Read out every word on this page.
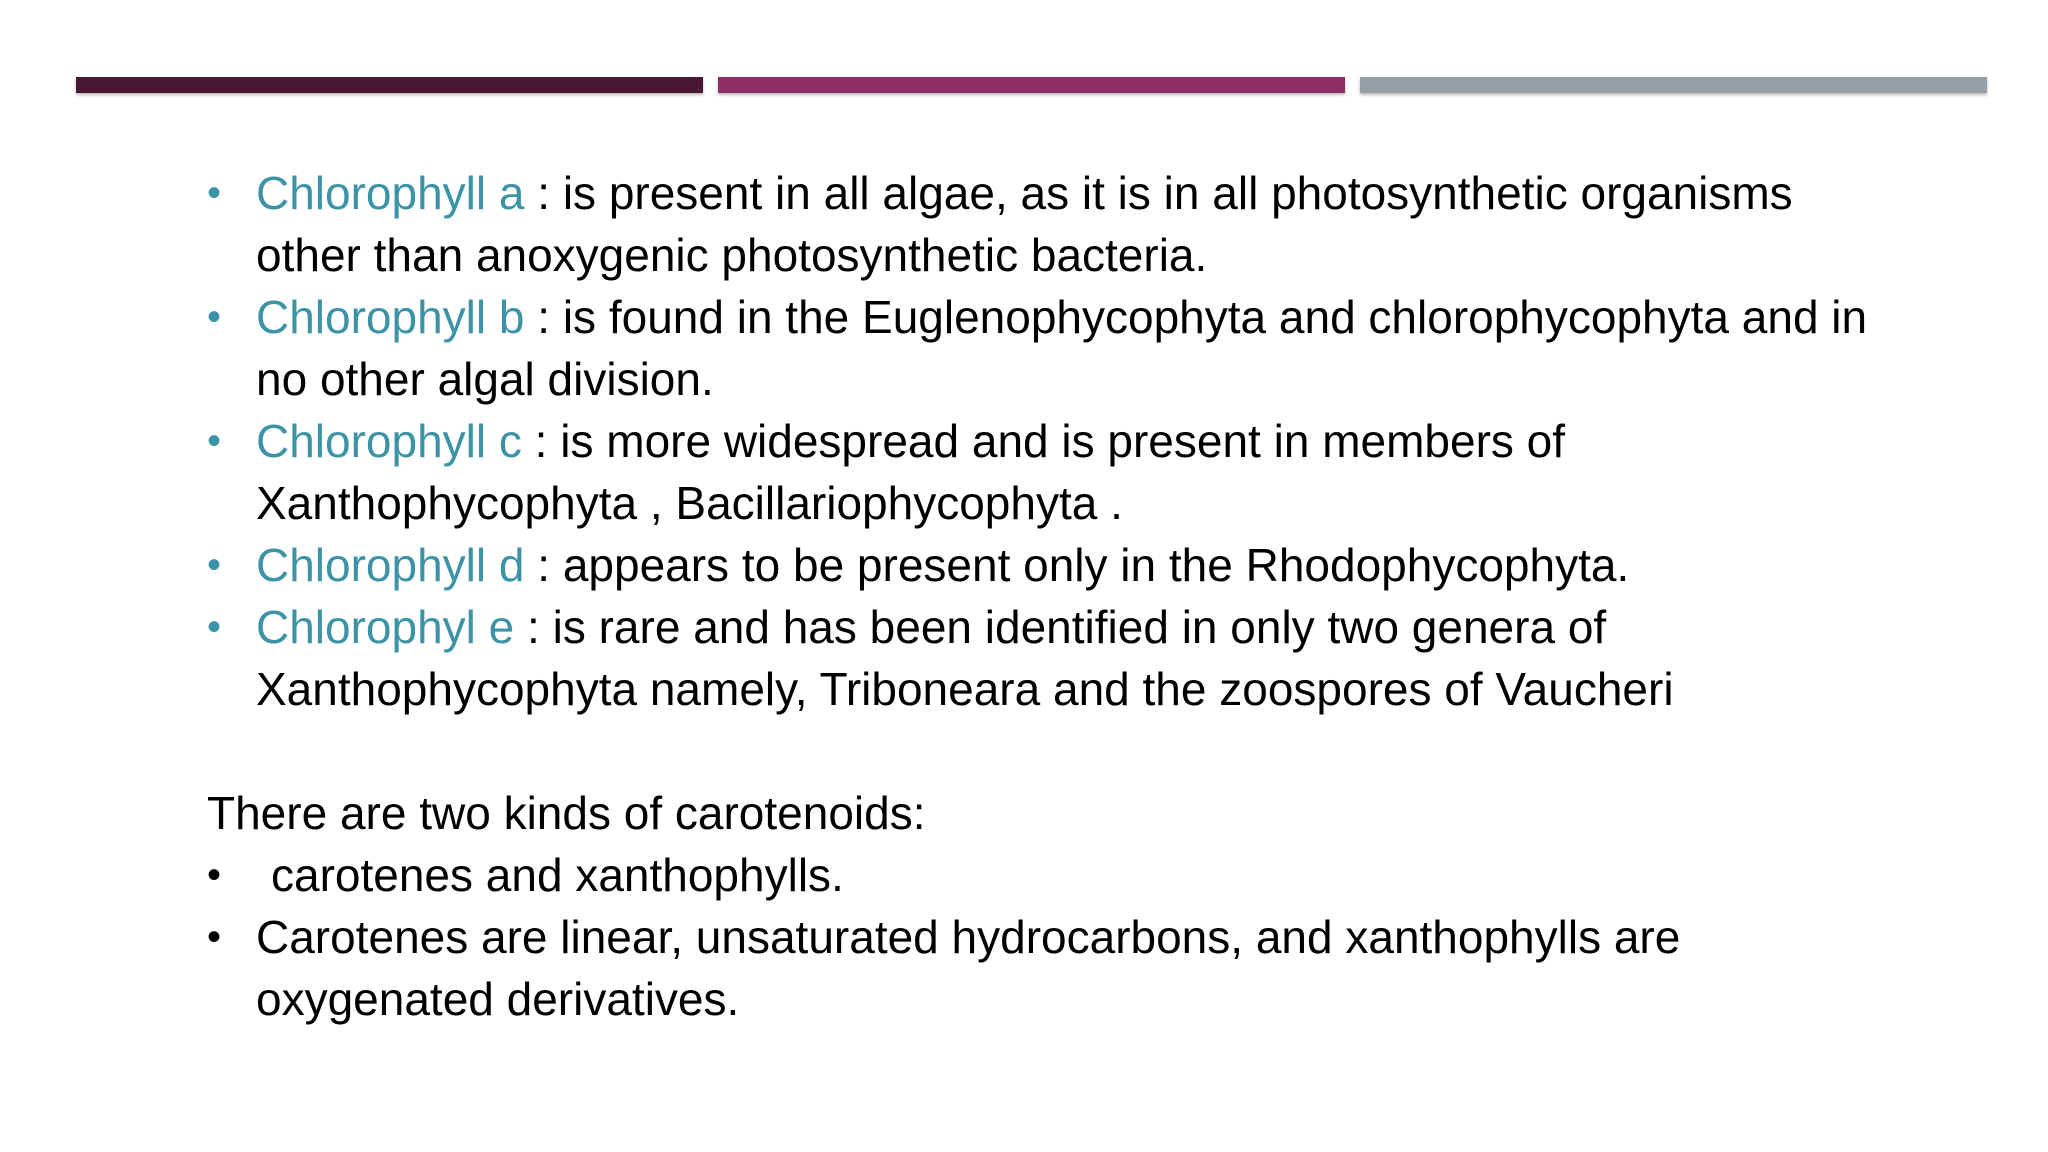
• Chlorophyll a : is present in all algae, as it is in all photosynthetic organisms other than anoxygenic photosynthetic bacteria.
• Chlorophyll b : is found in the Euglenophycophyta and chlorophycophyta and in no other algal division.
• Chlorophyll c : is more widespread and is present in members of Xanthophycophyta , Bacillariophycophyta .
• Chlorophyll d : appears to be present only in the Rhodophycophyta.
• Chlorophyl e : is rare and has been identified in only two genera of Xanthophycophyta namely, Triboneara and the zoospores of Vaucheri

There are two kinds of carotenoids:

• carotenes and xanthophylls.
• Carotenes are linear, unsaturated hydrocarbons, and xanthophylls are oxygenated derivatives.
